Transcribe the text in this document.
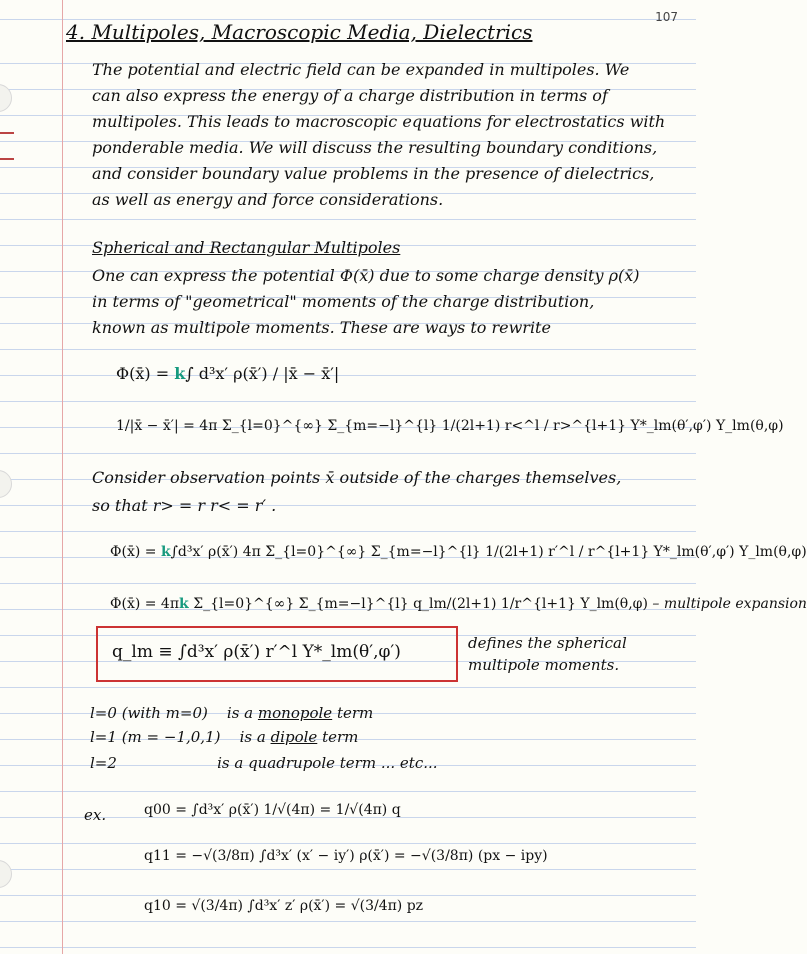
107
4. Multipoles, Macroscopic Media, Dielectrics
The potential and electric field can be expanded in multipoles. We
can also express the energy of a charge distribution in terms of
multipoles. This leads to macroscopic equations for electrostatics with
ponderable media. We will discuss the resulting boundary conditions,
and consider boundary value problems in the presence of dielectrics,
as well as energy and force considerations.
Spherical and Rectangular Multipoles
One can express the potential Φ(x̄) due to some charge density ρ(x̄)
in terms of "geometrical" moments of the charge distribution,
known as multipole moments. These are ways to rewrite
Φ(x̄) = k∫ d³x′ ρ(x̄′) / |x̄ − x̄′|
1/|x̄ − x̄′| = 4π Σ_{l=0}^{∞} Σ_{m=−l}^{l} 1/(2l+1) r<^l / r>^{l+1} Y*_lm(θ′,φ′) Y_lm(θ,φ)
Consider observation points x̄ outside of the charges themselves,
so that r> = r r< = r′ .
Φ(x̄) = k∫d³x′ ρ(x̄′) 4π Σ_{l=0}^{∞} Σ_{m=−l}^{l} 1/(2l+1) r′^l / r^{l+1} Y*_lm(θ′,φ′) Y_lm(θ,φ)
Φ(x̄) = 4πk Σ_{l=0}^{∞} Σ_{m=−l}^{l} q_lm/(2l+1) 1/r^{l+1} Y_lm(θ,φ) – multipole expansion
q_lm ≡ ∫d³x′ ρ(x̄′) r′^l Y*_lm(θ′,φ′)	defines the spherical
multipole moments.
l=0 (with m=0) is a monopole term
l=1 (m = −1,0,1) is a dipole term
l=2	is a quadrupole term ... etc...
ex.	q00 = ∫d³x′ ρ(x̄′) 1/√(4π) = 1/√(4π) q
q11 = −√(3/8π) ∫d³x′ (x′ − iy′) ρ(x̄′) = −√(3/8π) (px − ipy)
q10 = √(3/4π) ∫d³x′ z′ ρ(x̄′) = √(3/4π) pz
